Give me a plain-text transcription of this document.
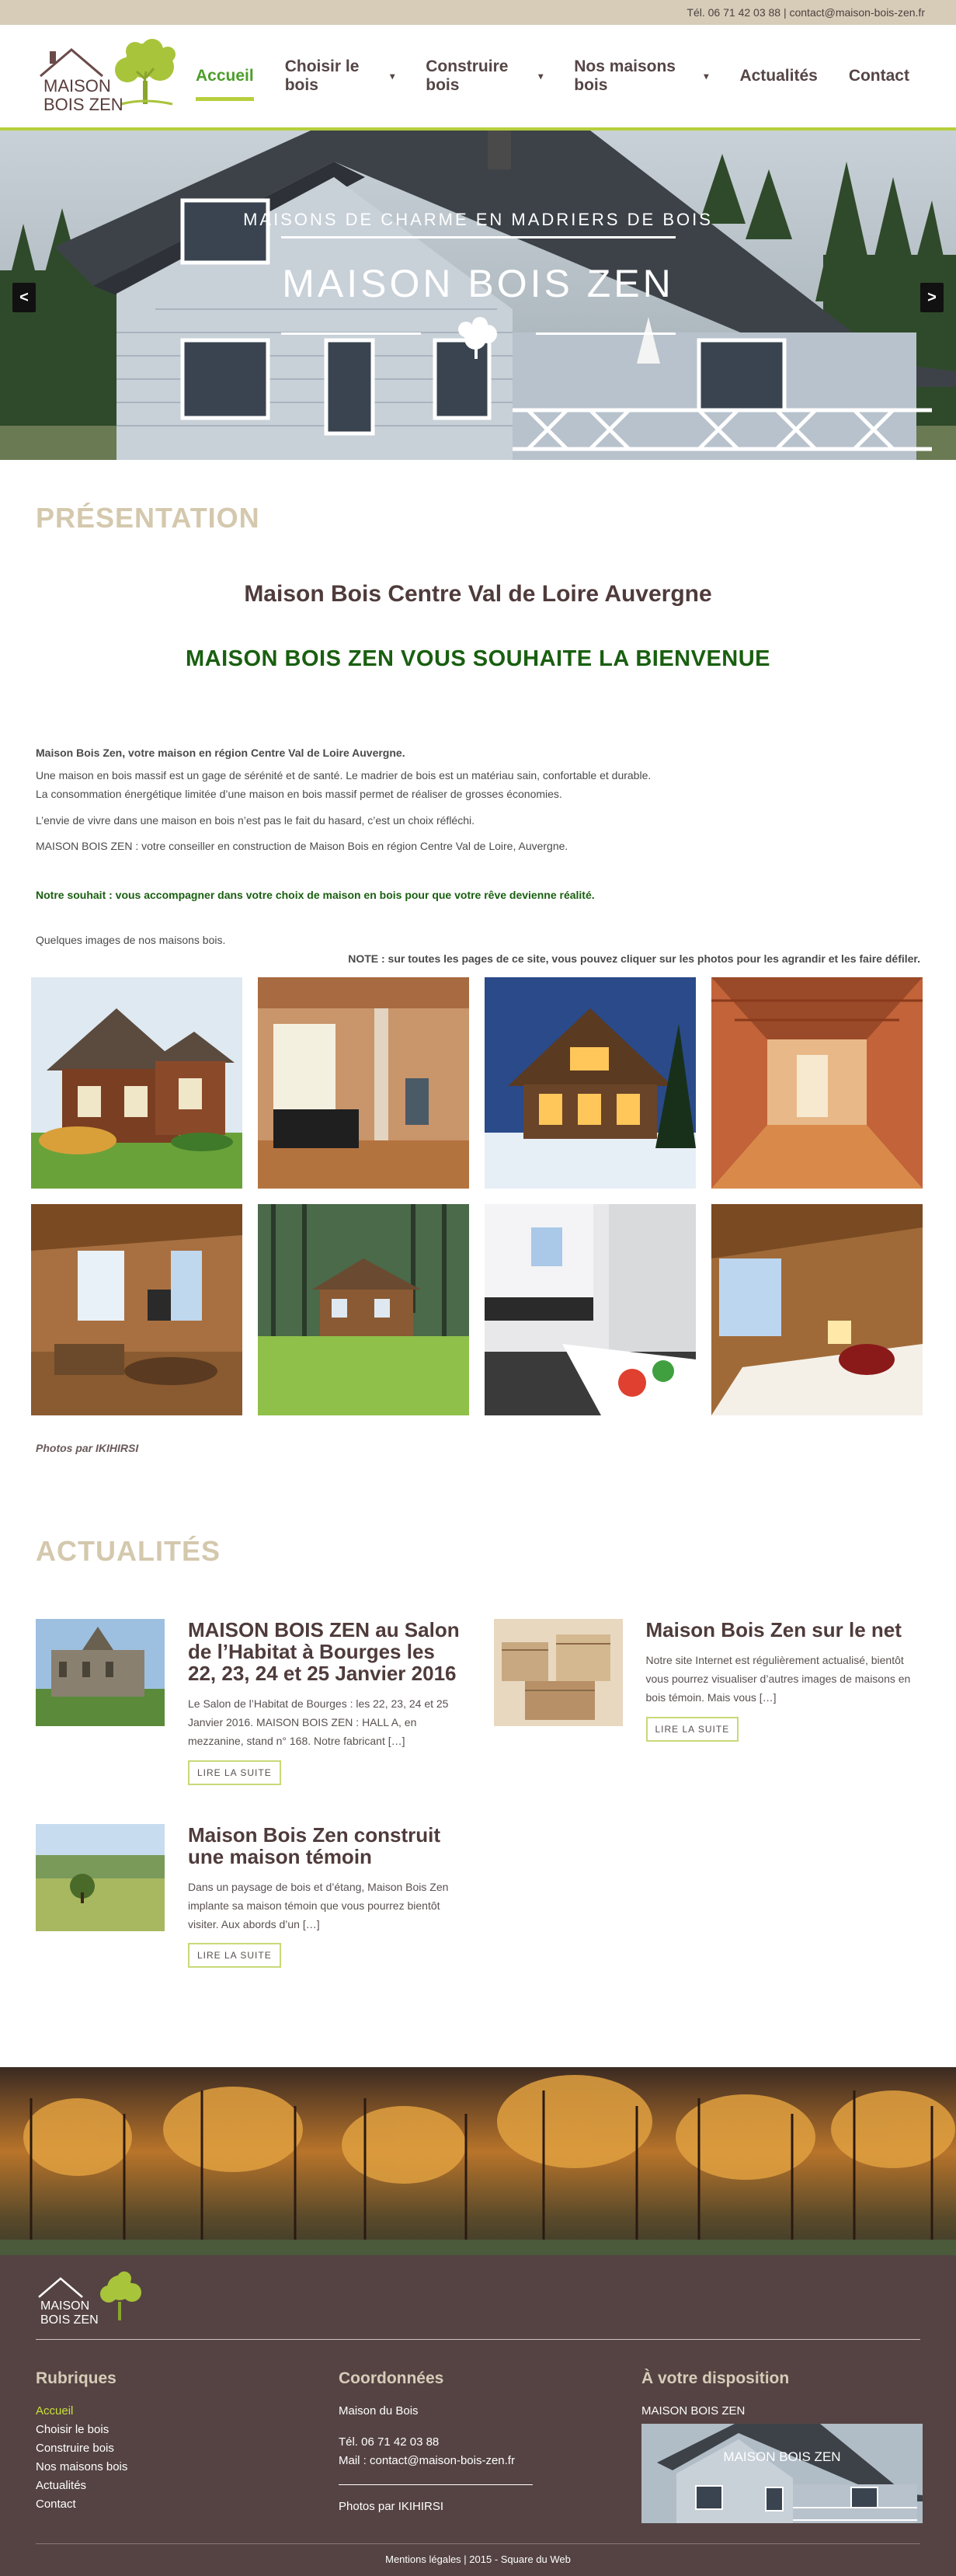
Tél. 06 71 42 03 88 | contact@maison-bois-zen.fr
MAISON
BOIS ZEN
Accueil
Choisir le bois	▾
Construire bois	▾
Nos maisons bois	▾ Actualités Contact
MAISONS DE CHARME EN MADRIERS DE BOIS
MAISON BOIS ZEN
<	>
PRÉSENTATION
Maison Bois Centre Val de Loire Auvergne
MAISON BOIS ZEN VOUS SOUHAITE LA BIENVENUE
Maison Bois Zen, votre maison en région Centre Val de Loire Auvergne.

Une maison en bois massif est un gage de sérénité et de santé. Le madrier de bois est un matériau sain, confortable et durable.

La consommation énergétique limitée d’une maison en bois massif permet de réaliser de grosses économies.

L’envie de vivre dans une maison en bois n’est pas le fait du hasard, c’est un choix réfléchi.

MAISON BOIS ZEN : votre conseiller en construction de Maison Bois en région Centre Val de Loire, Auvergne.

Notre souhait : vous accompagner dans votre choix de maison en bois pour que votre rêve devienne réalité.
Quelques images de nos maisons bois.
NOTE : sur toutes les pages de ce site, vous pouvez cliquer sur les photos pour les agrandir et les faire défiler.
Photos par IKIHIRSI
ACTUALITÉS
MAISON BOIS ZEN au Salon de l’Habitat à Bourges les 22, 23, 24 et 25 Janvier 2016

Le Salon de l’Habitat de Bourges : les 22, 23, 24 et 25 Janvier 2016. MAISON BOIS ZEN : HALL A, en mezzanine, stand n° 168. Notre fabricant […]

LIRE LA SUITE
Maison Bois Zen sur le net

Notre site Internet est régulièrement actualisé, bientôt vous pourrez visualiser d’autres images de maisons en bois témoin. Mais vous […]

LIRE LA SUITE
Maison Bois Zen construit une maison témoin

Dans un paysage de bois et d’étang, Maison Bois Zen implante sa maison témoin que vous pourrez bientôt visiter. Aux abords d’un […]

LIRE LA SUITE
MAISON
BOIS ZEN
Rubriques
Accueil
Choisir le bois
Construire bois
Nos maisons bois
Actualités
Contact
Coordonnées
Maison du Bois
Tél. 06 71 42 03 88
Mail : contact@maison-bois-zen.fr
Photos par IKIHIRSI
À votre disposition
MAISON BOIS ZEN
MAISON BOIS ZEN
Mentions légales | 2015 - Square du Web
